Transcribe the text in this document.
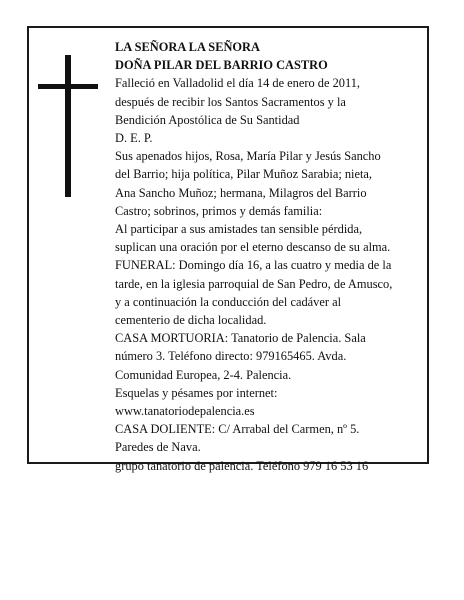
LA SEÑORA LA SEÑORA
DOÑA PILAR DEL BARRIO CASTRO
Falleció en Valladolid el día 14 de enero de 2011,
después de recibir los Santos Sacramentos y la
Bendición Apostólica de Su Santidad
D. E. P.
Sus apenados hijos, Rosa, María Pilar y Jesús Sancho
del Barrio; hija política, Pilar Muñoz Sarabia; nieta,
Ana Sancho Muñoz; hermana, Milagros del Barrio
Castro; sobrinos, primos y demás familia:
Al participar a sus amistades tan sensible pérdida,
suplican una oración por el eterno descanso de su alma.
FUNERAL: Domingo día 16, a las cuatro y media de la
tarde, en la iglesia parroquial de San Pedro, de Amusco,
y a continuación la conducción del cadáver al
cementerio de dicha localidad.
CASA MORTUORIA: Tanatorio de Palencia. Sala
número 3. Teléfono directo: 979165465. Avda.
Comunidad Europea, 2-4. Palencia.
Esquelas y pésames por internet:
www.tanatoriodepalencia.es
CASA DOLIENTE: C/ Arrabal del Carmen, nº 5.
Paredes de Nava.
grupo tanatorio de palencia. Teléfono 979 16 53 16
